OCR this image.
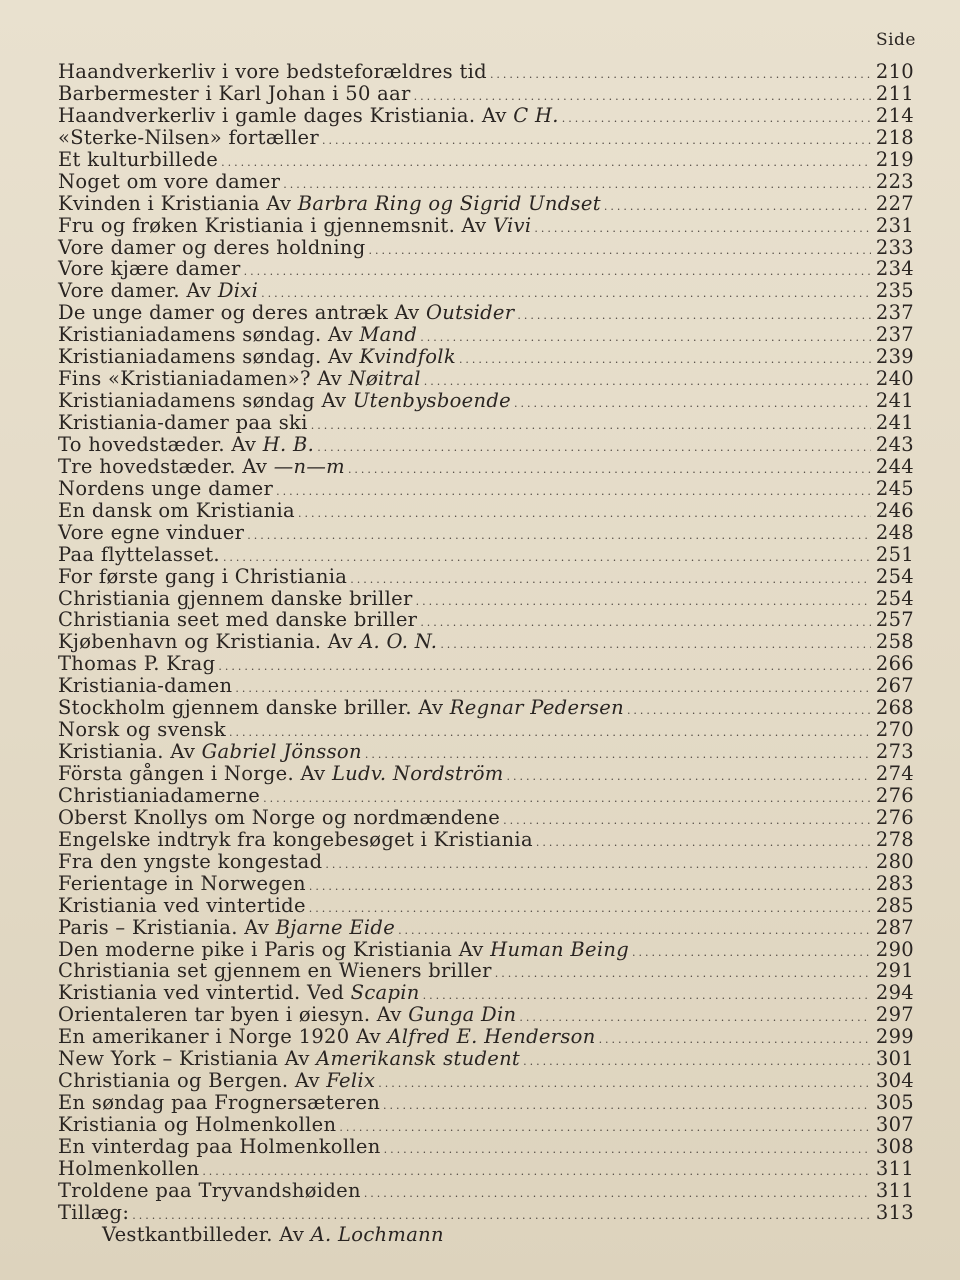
Side
Haandverkerliv i vore bedsteforældres tid .....	210
Barbermester i Karl Johan i 50 aar .....	211
Haandverkerliv i gamle dages Kristiania. Av C H. .....	214
«Sterke-Nilsen» fortæller .....	218
Et kulturbillede .....	219
Noget om vore damer .....	223
Kvinden i Kristiania Av Barbra Ring og Sigrid Undset .....	227
Fru og frøken Kristiania i gjennemsnit. Av Vivi .....	231
Vore damer og deres holdning .....	233
Vore kjære damer .....	234
Vore damer. Av Dixi .....	235
De unge damer og deres antræk Av Outsider .....	237
Kristianiadamens søndag. Av Mand .....	237
Kristianiadamens søndag. Av Kvindfolk .....	239
Fins «Kristianiadamen»? Av Nøitral .....	240
Kristianiadamens søndag Av Utenbysboende .....	241
Kristiania-damer paa ski .....	241
To hovedstæder. Av H. B. .....	243
Tre hovedstæder. Av —n—m .....	244
Nordens unge damer .....	245
En dansk om Kristiania .....	246
Vore egne vinduer .....	248
Paa flyttelasset. .....	251
For første gang i Christiania .....	254
Christiania gjennem danske briller .....	254
Christiania seet med danske briller .....	257
Kjøbenhavn og Kristiania. Av A. O. N. .....	258
Thomas P. Krag .....	266
Kristiania-damen .....	267
Stockholm gjennem danske briller. Av Regnar Pedersen .....	268
Norsk og svensk .....	270
Kristiania. Av Gabriel Jönsson .....	273
Första gången i Norge. Av Ludv. Nordström .....	274
Christianiadamerne .....	276
Oberst Knollys om Norge og nordmændene .....	276
Engelske indtryk fra kongebesøget i Kristiania .....	278
Fra den yngste kongestad .....	280
Ferientage in Norwegen .....	283
Kristiania ved vintertide .....	285
Paris – Kristiania. Av Bjarne Eide .....	287
Den moderne pike i Paris og Kristiania Av Human Being .....	290
Christiania set gjennem en Wieners briller .....	291
Kristiania ved vintertid. Ved Scapin .....	294
Orientaleren tar byen i øiesyn. Av Gunga Din .....	297
En amerikaner i Norge 1920 Av Alfred E. Henderson .....	299
New York – Kristiania Av Amerikansk student .....	301
Christiania og Bergen. Av Felix .....	304
En søndag paa Frognersæteren .....	305
Kristiania og Holmenkollen .....	307
En vinterdag paa Holmenkollen .....	308
Holmenkollen .....	311
Troldene paa Tryvandshøiden .....	311
Tillæg: .....	313
Vestkantbilleder. Av A. Lochmann
